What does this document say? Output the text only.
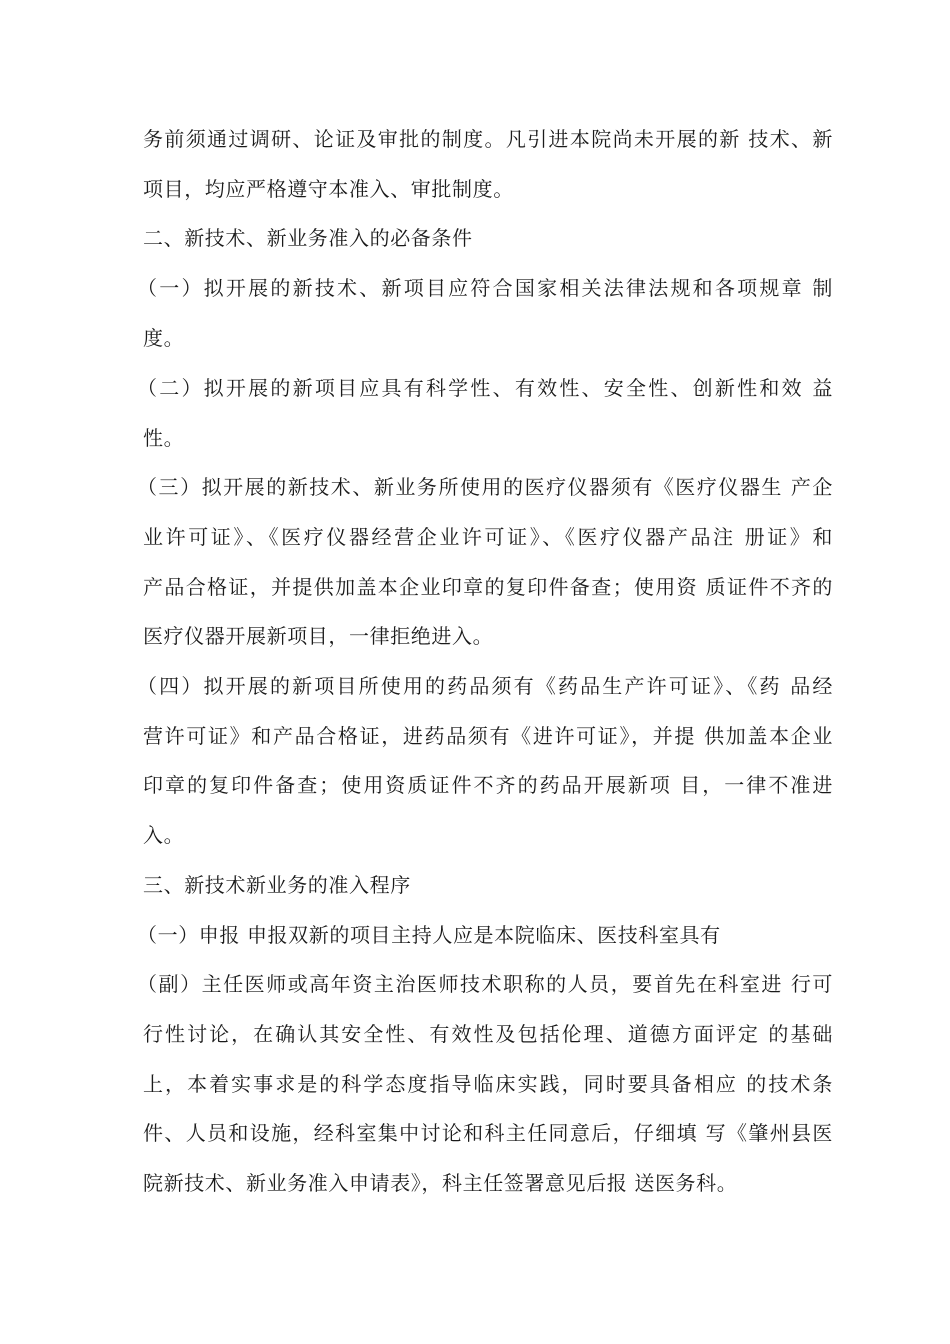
务前须通过调研、论证及审批的制度。凡引进本院尚未开展的新 技术、新
项目，均应严格遵守本准入、审批制度。
二、新技术、新业务准入的必备条件
（一）拟开展的新技术、新项目应符合国家相关法律法规和各项规章 制
度。
（二）拟开展的新项目应具有科学性、有效性、安全性、创新性和效 益
性。
（三）拟开展的新技术、新业务所使用的医疗仪器须有《医疗仪器生 产企
业许可证》、《医疗仪器经营企业许可证》、《医疗仪器产品注 册证》和
产品合格证，并提供加盖本企业印章的复印件备查；使用资 质证件不齐的
医疗仪器开展新项目，一律拒绝进入。
（四）拟开展的新项目所使用的药品须有《药品生产许可证》、《药 品经
营许可证》和产品合格证，进药品须有《进许可证》，并提 供加盖本企业
印章的复印件备查；使用资质证件不齐的药品开展新项 目，一律不准进
入。
三、新技术新业务的准入程序
（一）申报 申报双新的项目主持人应是本院临床、医技科室具有
（副）主任医师或高年资主治医师技术职称的人员，要首先在科室进 行可
行性讨论，在确认其安全性、有效性及包括伦理、道德方面评定 的基础
上，本着实事求是的科学态度指导临床实践，同时要具备相应 的技术条
件、人员和设施，经科室集中讨论和科主任同意后，仔细填 写《肇州县医
院新技术、新业务准入申请表》，科主任签署意见后报 送医务科。
